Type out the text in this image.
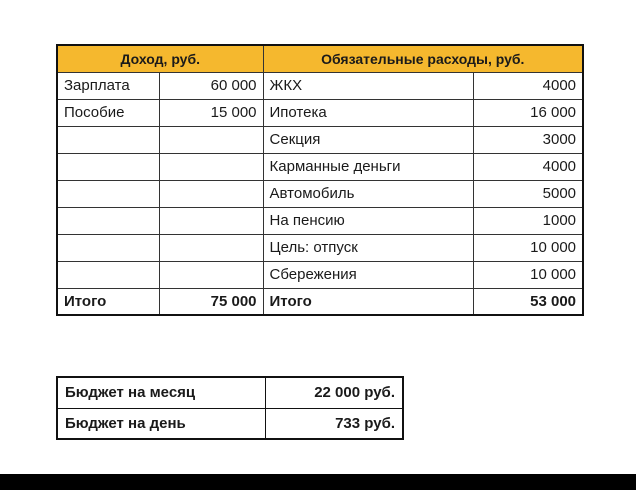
Доход, руб.		Обязательные расходы, руб.	
Зарплата	60 000	ЖКХ	4000
Пособие	15 000	Ипотека	16 000
		Секция	3000
		Карманные деньги	4000
		Автомобиль	5000
		На пенсию	1000
		Цель: отпуск	10 000
		Сбережения	10 000
Итого	75 000	Итого	53 000
Бюджет на месяц	22 000 руб.
Бюджет на день	733 руб.
